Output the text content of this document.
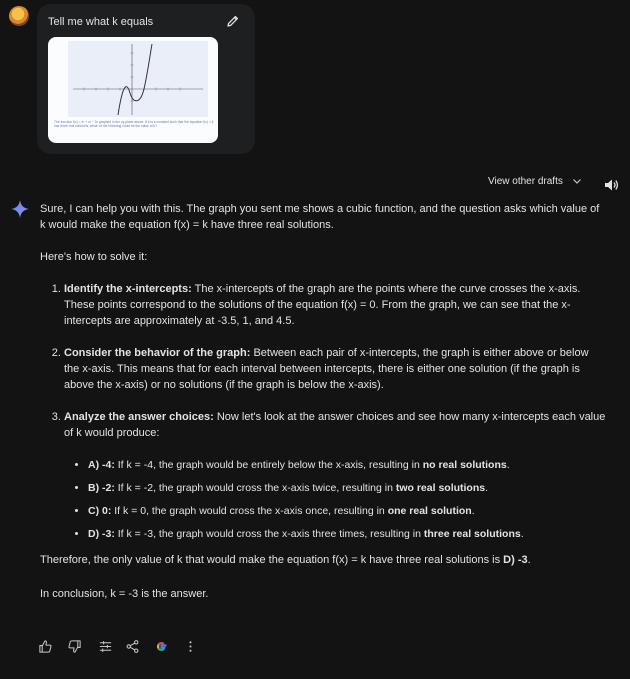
Tell me what k equals
The function f(x) = x³ + x² − 2x graphed in the xy-plane above. If k is a constant such that the equation f(x) = k has three real solutions, which of the following could be the value of k?
View other drafts

Sure, I can help you with this. The graph you sent me shows a cubic function, and the question asks which value of k would make the equation f(x) = k have three real solutions.

Here's how to solve it:

1. Identify the x-intercepts: The x-intercepts of the graph are the points where the curve crosses the x-axis. These points correspond to the solutions of the equation f(x) = 0. From the graph, we can see that the x-intercepts are approximately at -3.5, 1, and 4.5.
2. Consider the behavior of the graph: Between each pair of x-intercepts, the graph is either above or below the x-axis. This means that for each interval between intercepts, there is either one solution (if the graph is above the x-axis) or no solutions (if the graph is below the x-axis).
3. Analyze the answer choices: Now let's look at the answer choices and see how many x-intercepts each value of k would produce:
• A) -4: If k = -4, the graph would be entirely below the x-axis, resulting in no real solutions.
• B) -2: If k = -2, the graph would cross the x-axis twice, resulting in two real solutions.
• C) 0: If k = 0, the graph would cross the x-axis once, resulting in one real solution.
• D) -3: If k = -3, the graph would cross the x-axis three times, resulting in three real solutions.

Therefore, the only value of k that would make the equation f(x) = k have three real solutions is D) -3.

In conclusion, k = -3 is the answer.
